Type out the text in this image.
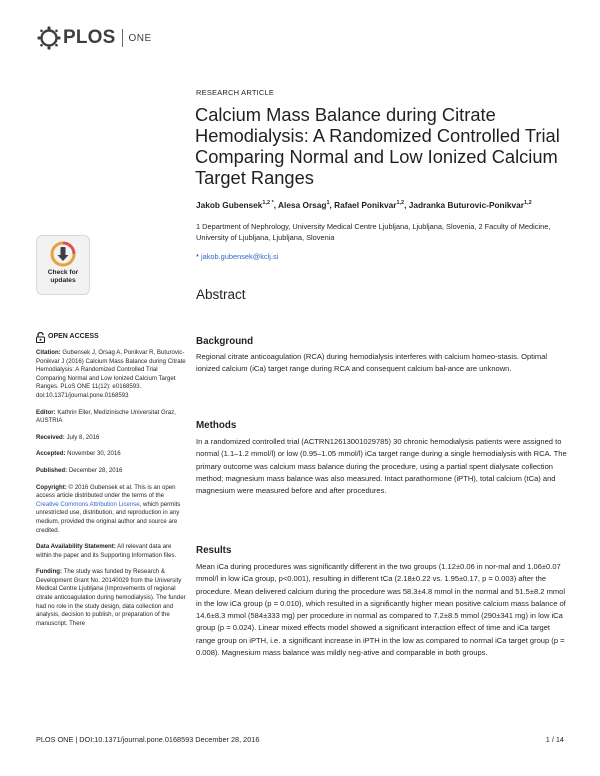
PLOS ONE
RESEARCH ARTICLE
Calcium Mass Balance during Citrate Hemodialysis: A Randomized Controlled Trial Comparing Normal and Low Ionized Calcium Target Ranges
Jakob Gubensek$^{1,2 *}$, Alesa Orsag$^1$, Rafael Ponikvar$^{1,2}$, Jadranka Buturovic-Ponikvar$^{1,2}$
1 Department of Nephrology, University Medical Centre Ljubljana, Ljubljana, Slovenia, 2 Faculty of Medicine, University of Ljubljana, Ljubljana, Slovenia
* jakob.gubensek@kclj.si
Check for
updates
OPEN ACCESS
Citation: Gubensek J, Orsag A, Ponikvar R, Buturovic-Ponikvar J (2016) Calcium Mass Balance during Citrate Hemodialysis: A Randomized Controlled Trial Comparing Normal and Low Ionized Calcium Target Ranges. PLoS ONE 11(12): e0168593. doi:10.1371/journal.pone.0168593
Editor: Kathrin Eller, Medizinische Universitat Graz, AUSTRIA
Received: July 8, 2016
Accepted: November 30, 2016
Published: December 28, 2016
Copyright: © 2016 Gubensek et al. This is an open access article distributed under the terms of the Creative Commons Attribution License, which permits unrestricted use, distribution, and reproduction in any medium, provided the original author and source are credited.
Data Availability Statement: All relevant data are within the paper and its Supporting Information files.
Funding: The study was funded by Research & Development Grant No. 20140029 from the University Medical Centre Ljubljana (Improvements of regional citrate anticoagulation during hemodialysis). The funder had no role in the study design, data collection and analysis, decision to publish, or preparation of the manuscript. There
Abstract
Background
Regional citrate anticoagulation (RCA) during hemodialysis interferes with calcium homeo-stasis. Optimal ionized calcium (iCa) target range during RCA and consequent calcium bal-ance are unknown.
Methods
In a randomized controlled trial (ACTRN12613001029785) 30 chronic hemodialysis patients were assigned to normal (1.1–1.2 mmol/l) or low (0.95–1.05 mmol/l) iCa target range during a single hemodialysis with RCA. The primary outcome was calcium mass balance during the procedure, using a partial spent dialysate collection method; magnesium mass balance was also measured. Intact parathormone (iPTH), total calcium (tCa) and magnesium were measured before and after procedures.
Results
Mean iCa during procedures was significantly different in the two groups (1.12±0.06 in nor-mal and 1.06±0.07 mmol/l in low iCa group, p<0.001), resulting in different tCa (2.18±0.22 vs. 1.95±0.17, p = 0.003) after the procedure. Mean delivered calcium during the procedure was 58.3±4.8 mmol in the normal and 51.5±8.2 mmol in the low iCa group (p = 0.010), which resulted in a significantly higher mean positive calcium mass balance of 14.6±8.3 mmol (584±333 mg) per procedure in normal as compared to 7.2±8.5 mmol (290±341 mg) in low iCa group (p = 0.024). Linear mixed effects model showed a significant interaction effect of time and iCa target range group on iPTH, i.e. a significant increase in iPTH in the low as compared to normal iCa target group (p = 0.008). Magnesium mass balance was mildly neg-ative and comparable in both groups.
PLOS ONE | DOI:10.1371/journal.pone.0168593 December 28, 2016	1 / 14
